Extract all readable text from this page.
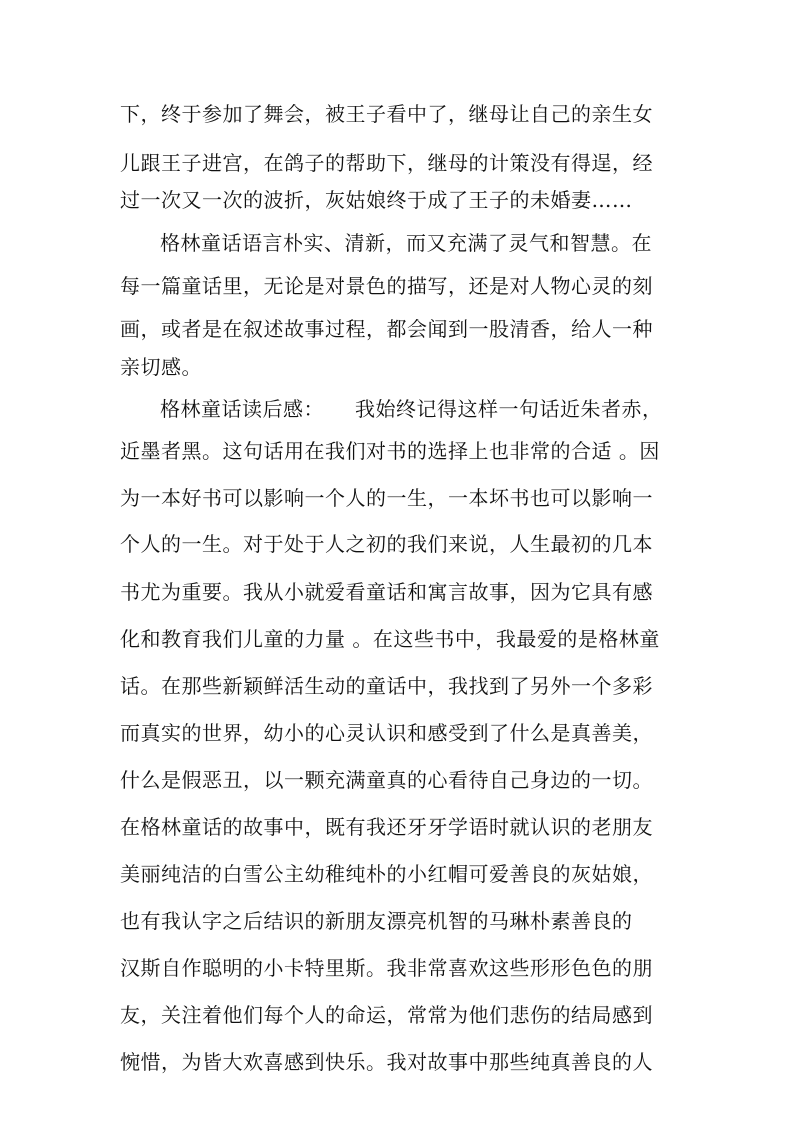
下，终于参加了舞会，被王子看中了，继母让自己的亲生女
儿跟王子进宫，在鸽子的帮助下，继母的计策没有得逞，经
过一次又一次的波折，灰姑娘终于成了王子的未婚妻……
格林童话语言朴实、清新，而又充满了灵气和智慧。在
每一篇童话里，无论是对景色的描写，还是对人物心灵的刻
画，或者是在叙述故事过程，都会闻到一股清香，给人一种
亲切感。
格林童话读后感：　　我始终记得这样一句话近朱者赤，
近墨者黑。这句话用在我们对书的选择上也非常的合适 。因
为一本好书可以影响一个人的一生，一本坏书也可以影响一
个人的一生。对于处于人之初的我们来说，人生最初的几本
书尤为重要。我从小就爱看童话和寓言故事，因为它具有感
化和教育我们儿童的力量 。在这些书中，我最爱的是格林童
话。在那些新颖鲜活生动的童话中，我找到了另外一个多彩
而真实的世界，幼小的心灵认识和感受到了什么是真善美，
什么是假恶丑，以一颗充满童真的心看待自己身边的一切。
在格林童话的故事中，既有我还牙牙学语时就认识的老朋友
美丽纯洁的白雪公主幼稚纯朴的小红帽可爱善良的灰姑娘，
也有我认字之后结识的新朋友漂亮机智的马琳朴素善良的
汉斯自作聪明的小卡特里斯。我非常喜欢这些形形色色的朋
友，关注着他们每个人的命运，常常为他们悲伤的结局感到
惋惜，为皆大欢喜感到快乐。我对故事中那些纯真善良的人
